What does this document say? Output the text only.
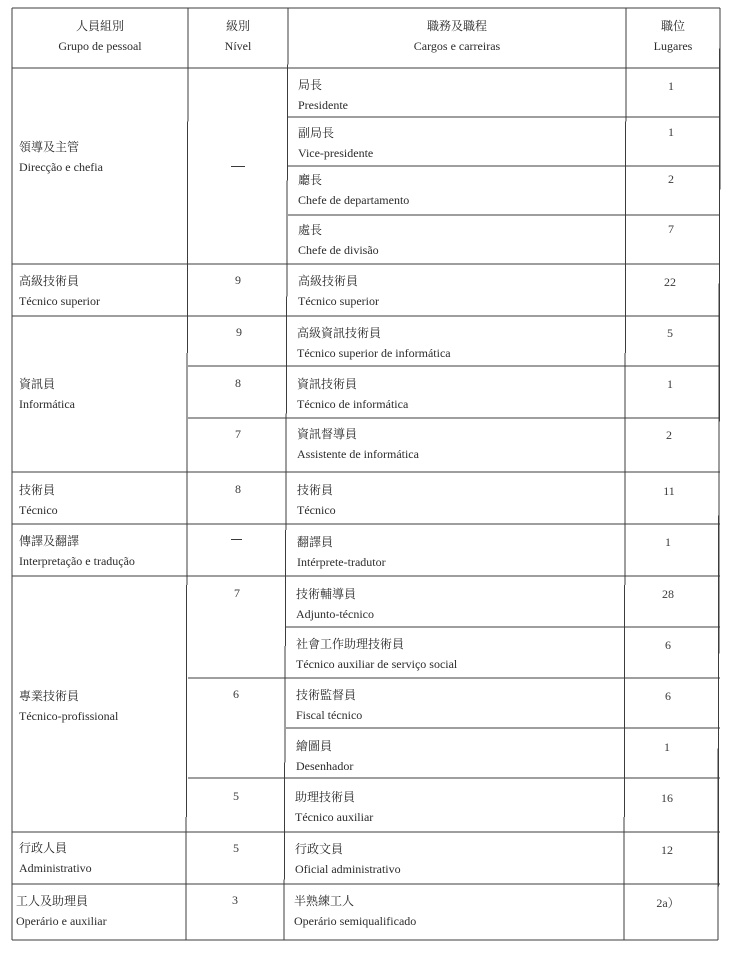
人員組別
Grupo de pessoal
級別
Nível
職務及職程
Cargos e carreiras
職位
Lugares
領導及主管
Direcção e chefia
高級技術員
Técnico superior
資訊員
Informática
技術員
Técnico
傳譯及翻譯
Interpretação e tradução
專業技術員
Técnico-profissional
行政人員
Administrativo
工人及助理員
Operário e auxiliar
9
9
8
7
8
7
6
5
5
3
局長
Presidente
1
副局長
Vice-presidente
1
廳長
Chefe de departamento
2
處長
Chefe de divisão
7
高級技術員
Técnico superior
22
高級資訊技術員
Técnico superior de informática
5
資訊技術員
Técnico de informática
1
資訊督導員
Assistente de informática
2
技術員
Técnico
11
翻譯員
Intérprete-tradutor
1
技術輔導員
Adjunto-técnico
28
社會工作助理技術員
Técnico auxiliar de serviço social
6
技術監督員
Fiscal técnico
6
繪圖員
Desenhador
1
助理技術員
Técnico auxiliar
16
行政文員
Oficial administrativo
12
半熟練工人
Operário semiqualificado
2a）
